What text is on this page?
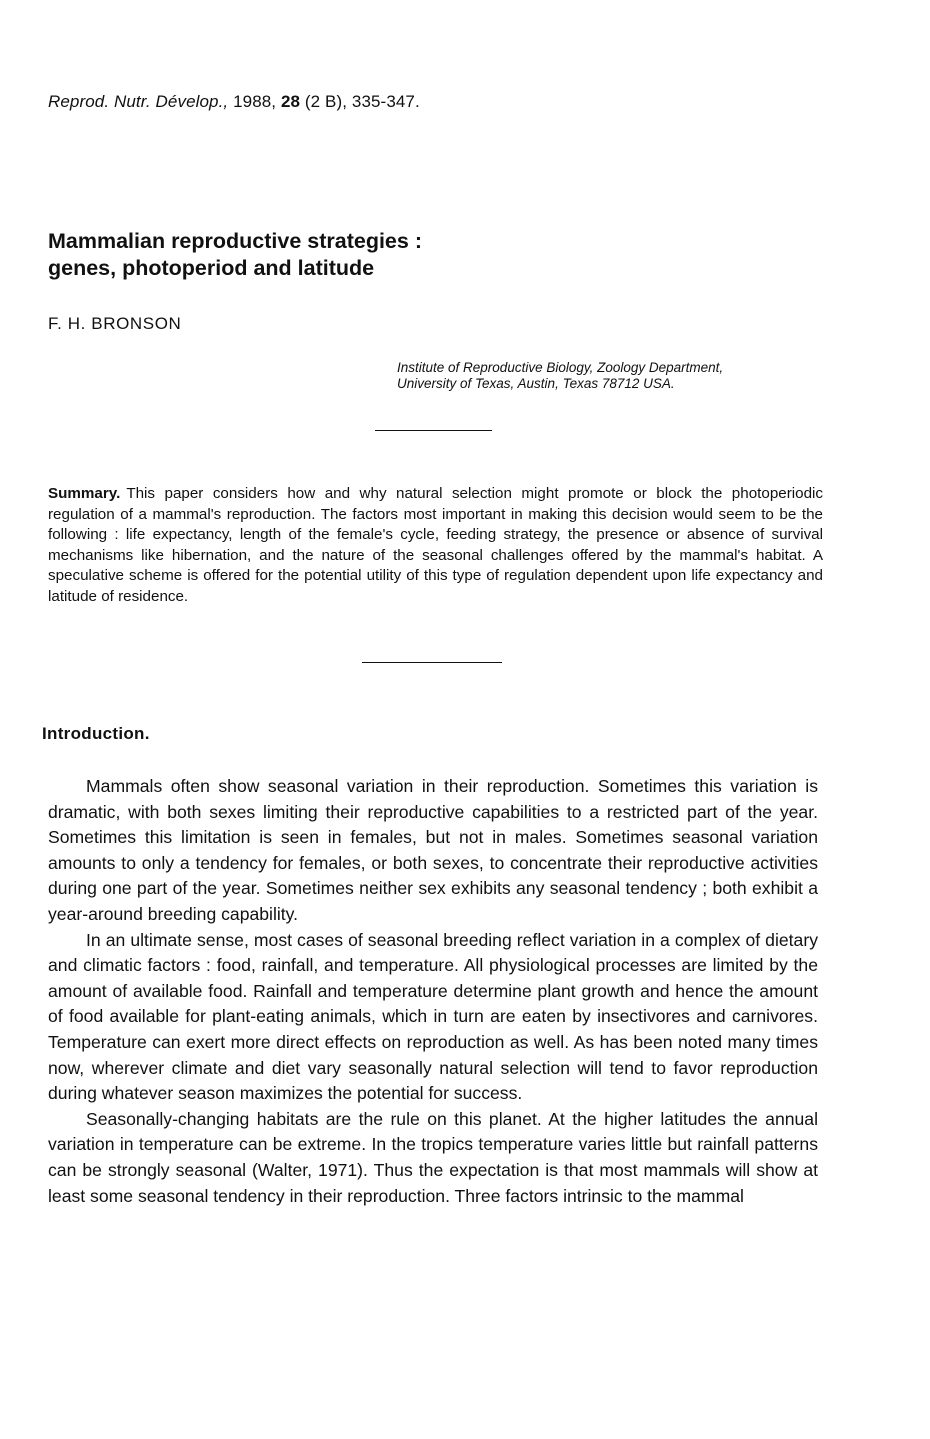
Reprod. Nutr. Dévelop., 1988, 28 (2 B), 335-347.
Mammalian reproductive strategies :
genes, photoperiod and latitude
F. H. BRONSON
Institute of Reproductive Biology, Zoology Department,
University of Texas, Austin, Texas 78712 USA.

Summary. This paper considers how and why natural selection might promote or block the photoperiodic regulation of a mammal's reproduction. The factors most important in making this decision would seem to be the following : life expectancy, length of the female's cycle, feeding strategy, the presence or absence of survival mechanisms like hibernation, and the nature of the seasonal challenges offered by the mammal's habitat. A speculative scheme is offered for the potential utility of this type of regulation dependent upon life expectancy and latitude of residence.

Introduction.

Mammals often show seasonal variation in their reproduction. Sometimes this variation is dramatic, with both sexes limiting their reproductive capabilities to a restricted part of the year. Sometimes this limitation is seen in females, but not in males. Sometimes seasonal variation amounts to only a tendency for females, or both sexes, to concentrate their reproductive activities during one part of the year. Sometimes neither sex exhibits any seasonal tendency ; both exhibit a year-around breeding capability.

In an ultimate sense, most cases of seasonal breeding reflect variation in a complex of dietary and climatic factors : food, rainfall, and temperature. All physiological processes are limited by the amount of available food. Rainfall and temperature determine plant growth and hence the amount of food available for plant-eating animals, which in turn are eaten by insectivores and carnivores. Temperature can exert more direct effects on reproduction as well. As has been noted many times now, wherever climate and diet vary seasonally natural selection will tend to favor reproduction during whatever season maximizes the potential for success.

Seasonally-changing habitats are the rule on this planet. At the higher latitudes the annual variation in temperature can be extreme. In the tropics temperature varies little but rainfall patterns can be strongly seasonal (Walter, 1971). Thus the expectation is that most mammals will show at least some seasonal tendency in their reproduction. Three factors intrinsic to the mammal
